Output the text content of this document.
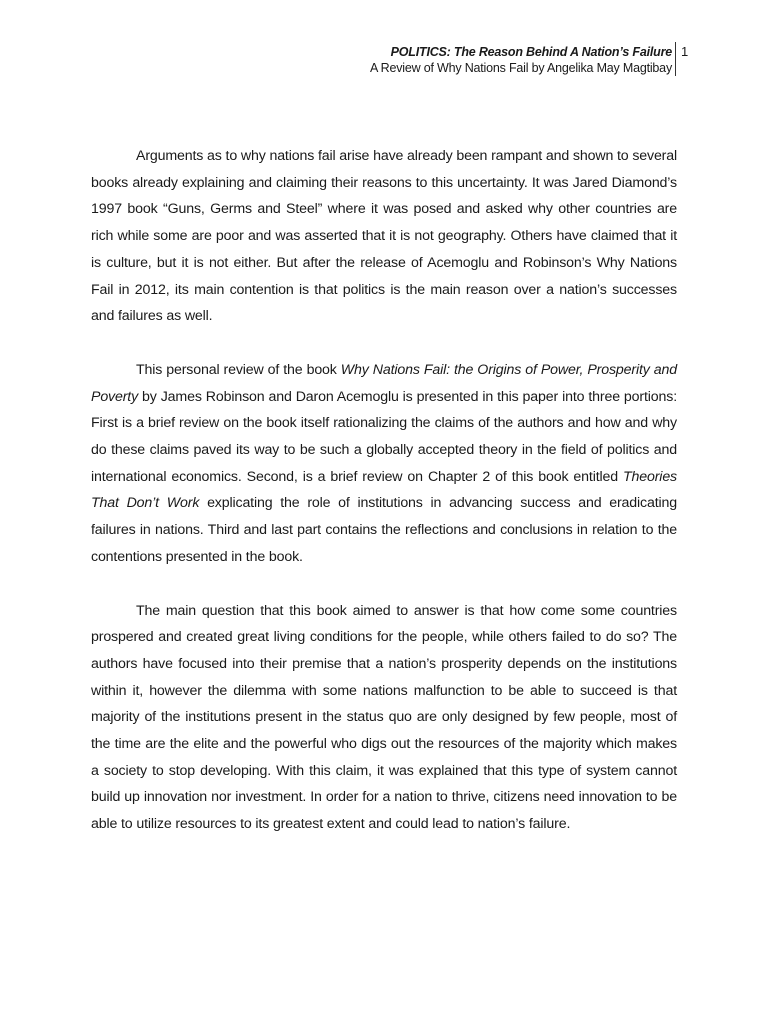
POLITICS: The Reason Behind A Nation’s Failure
A Review of Why Nations Fail by Angelika May Magtibay
1

Arguments as to why nations fail arise have already been rampant and shown to several books already explaining and claiming their reasons to this uncertainty. It was Jared Diamond’s 1997 book “Guns, Germs and Steel” where it was posed and asked why other countries are rich while some are poor and was asserted that it is not geography. Others have claimed that it is culture, but it is not either. But after the release of Acemoglu and Robinson’s Why Nations Fail in 2012, its main contention is that politics is the main reason over a nation’s successes and failures as well.

This personal review of the book Why Nations Fail: the Origins of Power, Prosperity and Poverty by James Robinson and Daron Acemoglu is presented in this paper into three portions: First is a brief review on the book itself rationalizing the claims of the authors and how and why do these claims paved its way to be such a globally accepted theory in the field of politics and international economics. Second, is a brief review on Chapter 2 of this book entitled Theories That Don’t Work explicating the role of institutions in advancing success and eradicating failures in nations. Third and last part contains the reflections and conclusions in relation to the contentions presented in the book.

The main question that this book aimed to answer is that how come some countries prospered and created great living conditions for the people, while others failed to do so? The authors have focused into their premise that a nation’s prosperity depends on the institutions within it, however the dilemma with some nations malfunction to be able to succeed is that majority of the institutions present in the status quo are only designed by few people, most of the time are the elite and the powerful who digs out the resources of the majority which makes a society to stop developing. With this claim, it was explained that this type of system cannot build up innovation nor investment. In order for a nation to thrive, citizens need innovation to be able to utilize resources to its greatest extent and could lead to nation’s failure.
